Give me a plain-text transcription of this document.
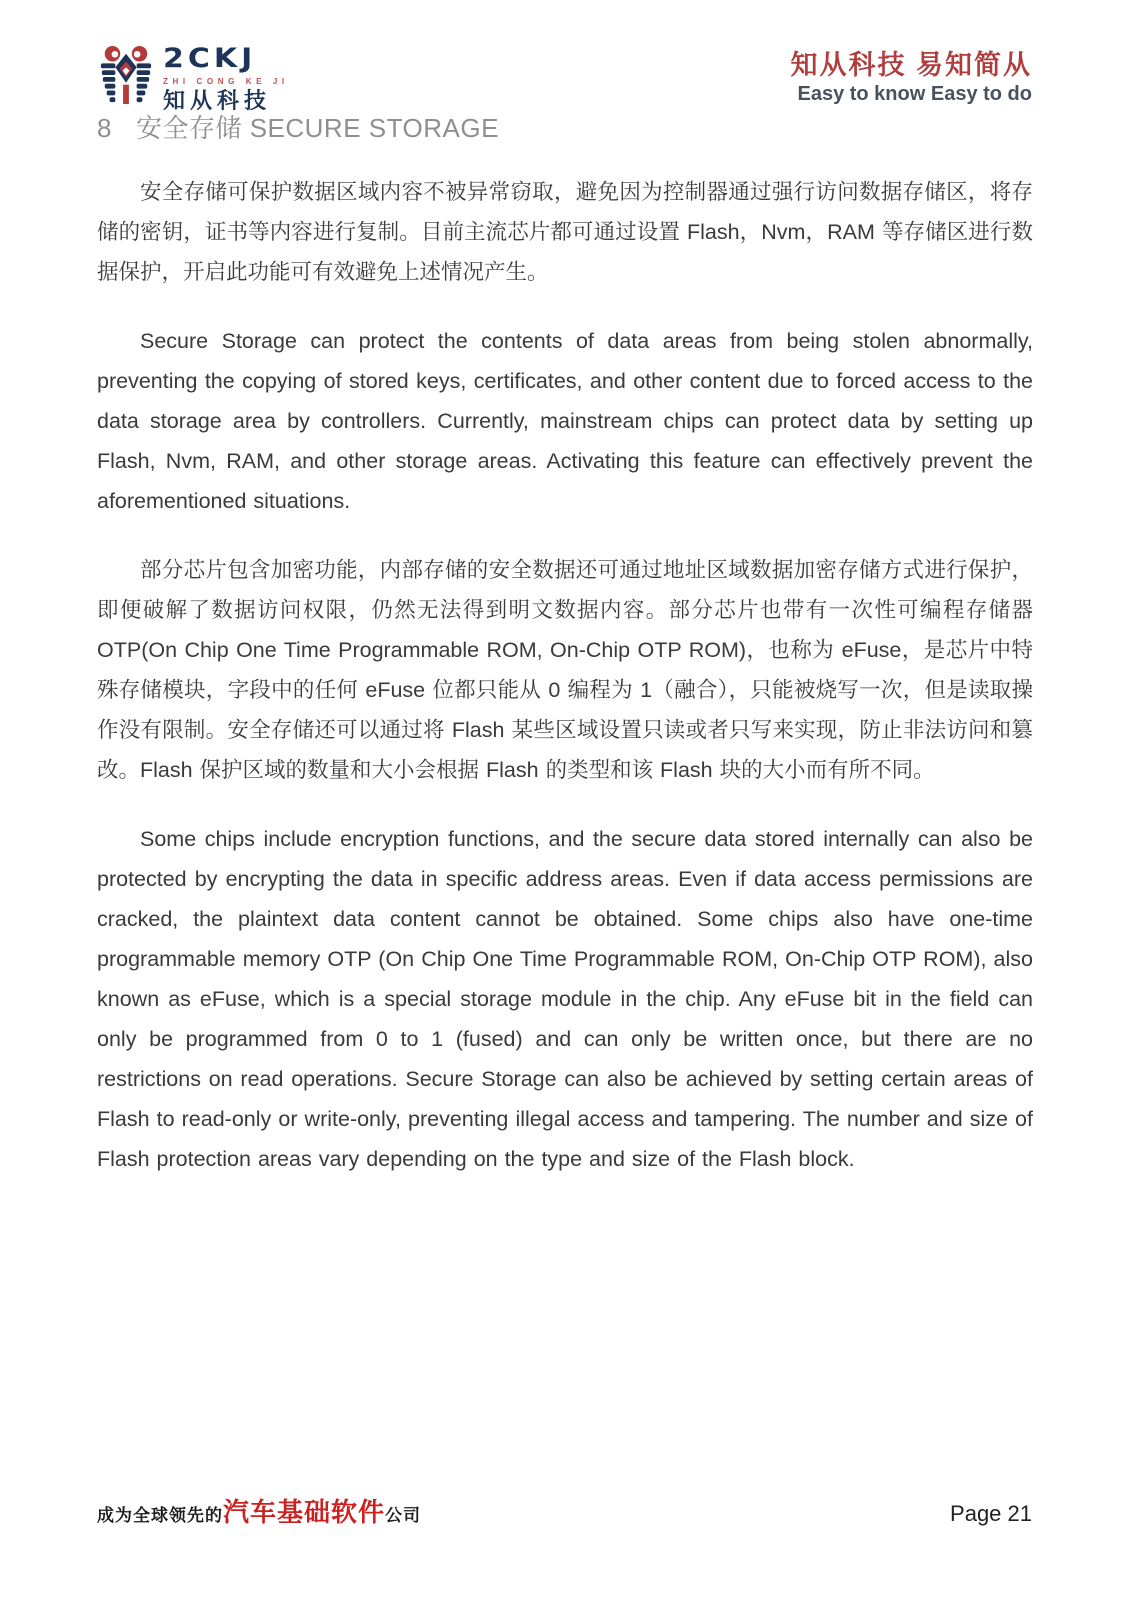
2CKJ
ZHI CONG KE JI
知从科技
知从科技 易知简从
Easy to know Easy to do
8 安全存储 SECURE STORAGE

安全存储可保护数据区域内容不被异常窃取，避免因为控制器通过强行访问数据存储区，将存储的密钥，证书等内容进行复制。目前主流芯片都可通过设置 Flash，Nvm，RAM 等存储区进行数据保护，开启此功能可有效避免上述情况产生。

Secure Storage can protect the contents of data areas from being stolen abnormally, preventing the copying of stored keys, certificates, and other content due to forced access to the data storage area by controllers. Currently, mainstream chips can protect data by setting up Flash, Nvm, RAM, and other storage areas. Activating this feature can effectively prevent the aforementioned situations.

部分芯片包含加密功能，内部存储的安全数据还可通过地址区域数据加密存储方式进行保护，即便破解了数据访问权限，仍然无法得到明文数据内容。部分芯片也带有一次性可编程存储器 OTP(On Chip One Time Programmable ROM, On-Chip OTP ROM)，也称为 eFuse，是芯片中特殊存储模块，字段中的任何 eFuse 位都只能从 0 编程为 1（融合），只能被烧写一次，但是读取操作没有限制。安全存储还可以通过将 Flash 某些区域设置只读或者只写来实现，防止非法访问和篡改。Flash 保护区域的数量和大小会根据 Flash 的类型和该 Flash 块的大小而有所不同。

Some chips include encryption functions, and the secure data stored internally can also be protected by encrypting the data in specific address areas. Even if data access permissions are cracked, the plaintext data content cannot be obtained. Some chips also have one-time programmable memory OTP (On Chip One Time Programmable ROM, On-Chip OTP ROM), also known as eFuse, which is a special storage module in the chip. Any eFuse bit in the field can only be programmed from 0 to 1 (fused) and can only be written once, but there are no restrictions on read operations. Secure Storage can also be achieved by setting certain areas of Flash to read-only or write-only, preventing illegal access and tampering. The number and size of Flash protection areas vary depending on the type and size of the Flash block.

成为全球领先的汽车基础软件公司	Page 21
